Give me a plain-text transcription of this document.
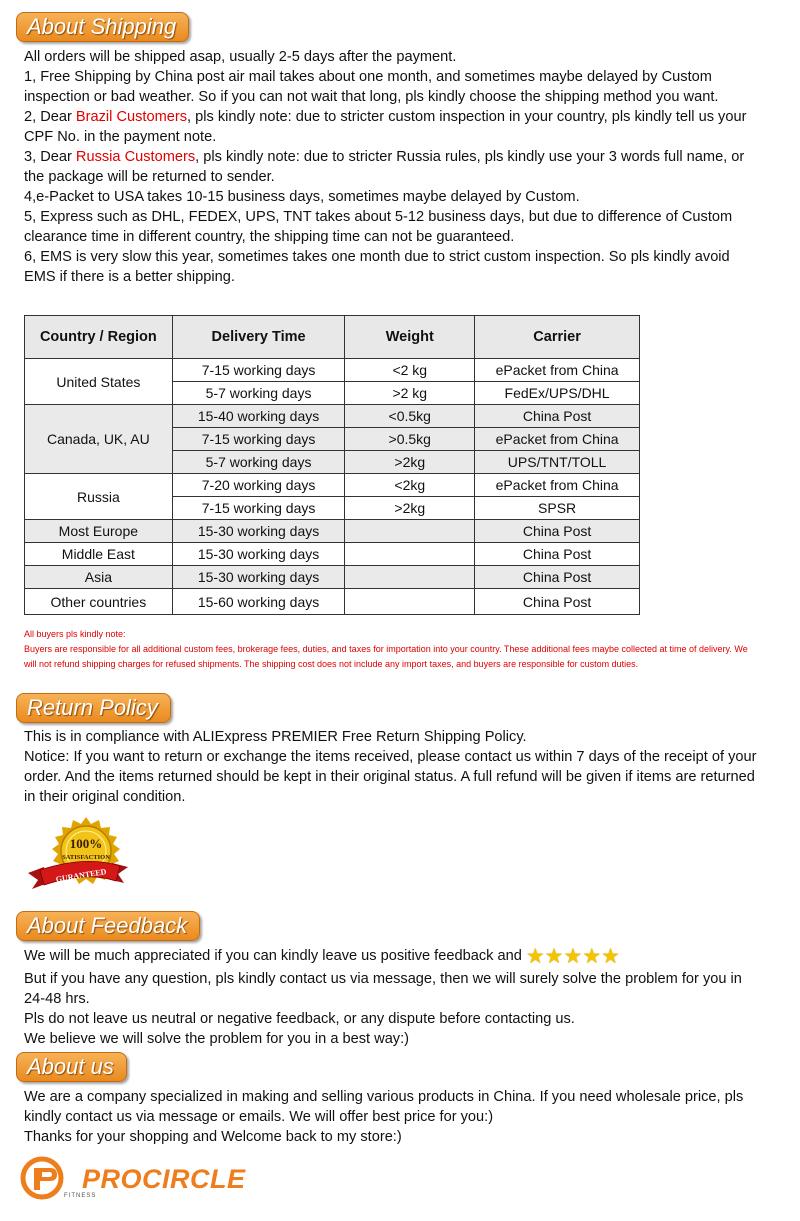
About Shipping

All orders will be shipped asap, usually 2-5 days after the payment.

1, Free Shipping by China post air mail takes about one month, and sometimes maybe delayed by Custom inspection or bad weather. So if you can not wait that long, pls kindly choose the shipping method you want.

2, Dear Brazil Customers, pls kindly note: due to stricter custom inspection in your country, pls kindly tell us your CPF No. in the payment note.

3, Dear Russia Customers, pls kindly note: due to stricter Russia rules, pls kindly use your 3 words full name, or the package will be returned to sender.

4,e-Packet to USA takes 10-15 business days, sometimes maybe delayed by Custom.

5, Express such as DHL, FEDEX, UPS, TNT takes about 5-12 business days, but due to difference of Custom clearance time in different country, the shipping time can not be guaranteed.

6, EMS is very slow this year, sometimes takes one month due to strict custom inspection. So pls kindly avoid EMS if there is a better shipping.

Country / Region	Delivery Time	Weight	Carrier
United States	7-15 working days	<2 kg	ePacket from China
	5-7 working days	>2 kg	FedEx/UPS/DHL
Canada, UK, AU	15-40 working days	<0.5kg	China Post
	7-15 working days	>0.5kg	ePacket from China
	5-7 working days	>2kg	UPS/TNT/TOLL
Russia	7-20 working days	<2kg	ePacket from China
	7-15 working days	>2kg	SPSR
Most Europe	15-30 working days		China Post
Middle East	15-30 working days		China Post
Asia	15-30 working days		China Post
Other countries	15-60 working days		China Post

All buyers pls kindly note:

Buyers are responsible for all additional custom fees, brokerage fees, duties, and taxes for importation into your country. These additional fees maybe collected at time of delivery. We will not refund shipping charges for refused shipments. The shipping cost does not include any import taxes, and buyers are responsible for custom duties.

Return Policy

This is in compliance with ALIExpress PREMIER Free Return Shipping Policy.

Notice: If you want to return or exchange the items received, please contact us within 7 days of the receipt of your order. And the items returned should be kept in their original status. A full refund will be given if items are returned in their original condition.

100%
SATISFACTION
GURANTEED
About Feedback

We will be much appreciated if you can kindly leave us positive feedback and ★★★★★

But if you have any question, pls kindly contact us via message, then we will surely solve the problem for you in 24-48 hrs.

Pls do not leave us neutral or negative feedback, or any dispute before contacting us.

We believe we will solve the problem for you in a best way:)

About us

We are a company specialized in making and selling various products in China. If you need wholesale price, pls kindly contact us via message or emails. We will offer best price for you:)

Thanks for your shopping and Welcome back to my store:)

FITNESS
PROCIRCLE
